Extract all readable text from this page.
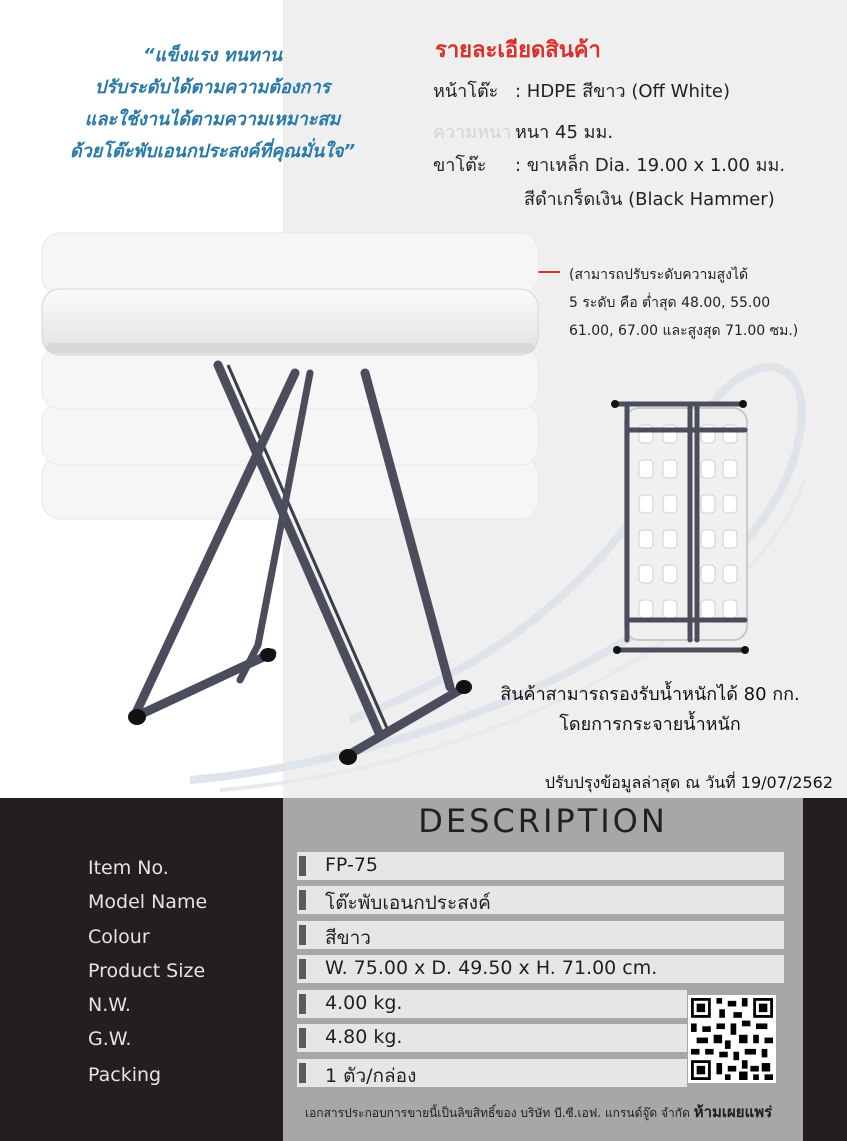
“แข็งแรง ทนทาน
ปรับระดับได้ตามความต้องการ
และใช้งานได้ตามความเหมาะสม
ด้วยโต๊ะพับเอนกประสงค์ที่คุณมั่นใจ”
รายละเอียดสินค้า
หน้าโต๊ะ : HDPE สีขาว (Off White)
ความหนา หนา 45 มม.
ขาโต๊ะ : ขาเหล็ก Dia. 19.00 x 1.00 มม.
สีดำเกร็ดเงิน (Black Hammer)
(สามารถปรับระดับความสูงได้
5 ระดับ คือ ต่ำสุด 48.00, 55.00
61.00, 67.00 และสูงสุด 71.00 ซม.)
สินค้าสามารถรองรับน้ำหนักได้ 80 กก.
โดยการกระจายน้ำหนัก
ปรับปรุงข้อมูลล่าสุด ณ วันที่ 19/07/2562
DESCRIPTION
Item No.	FP-75
Model Name	โต๊ะพับเอนกประสงค์
Colour	สีขาว
Product Size	W. 75.00 x D. 49.50 x H. 71.00 cm.
N.W.	4.00 kg.
G.W.	4.80 kg.
Packing	1 ตัว/กล่อง
เอกสารประกอบการขายนี้เป็นลิขสิทธิ์ของ บริษัท บี.ซี.เอฟ. แกรนด์จู๊ด จำกัด ห้ามเผยแพร่
